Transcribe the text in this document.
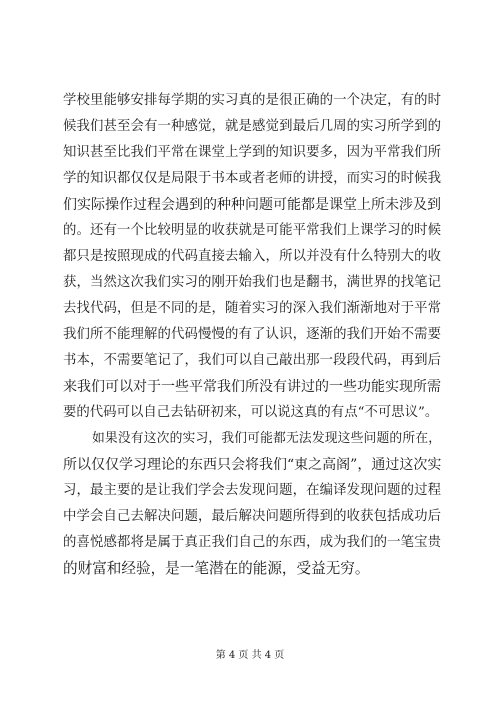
学校里能够安排每学期的实习真的是很正确的一个决定，有的时
候我们甚至会有一种感觉，就是感觉到最后几周的实习所学到的
知识甚至比我们平常在课堂上学到的知识要多，因为平常我们所
学的知识都仅仅是局限于书本或者老师的讲授，而实习的时候我
们实际操作过程会遇到的种种问题可能都是课堂上所未涉及到
的。还有一个比较明显的收获就是可能平常我们上课学习的时候
都只是按照现成的代码直接去输入，所以并没有什么特别大的收
获，当然这次我们实习的刚开始我们也是翻书，满世界的找笔记
去找代码，但是不同的是，随着实习的深入我们渐渐地对于平常
我们所不能理解的代码慢慢的有了认识，逐渐的我们开始不需要
书本，不需要笔记了，我们可以自己敲出那一段段代码，再到后
来我们可以对于一些平常我们所没有讲过的一些功能实现所需
要的代码可以自己去钻研初来，可以说这真的有点“不可思议”。
如果没有这次的实习，我们可能都无法发现这些问题的所在，
所以仅仅学习理论的东西只会将我们“東之高阁”，通过这次实
习，最主要的是让我们学会去发现问题，在编译发现问题的过程
中学会自己去解决问题，最后解决问题所得到的收获包括成功后
的喜悦感都将是属于真正我们自己的东西，成为我们的一笔宝贵
的财富和经验，是一笔潜在的能源，受益无穷。
第 4 页 共 4 页
